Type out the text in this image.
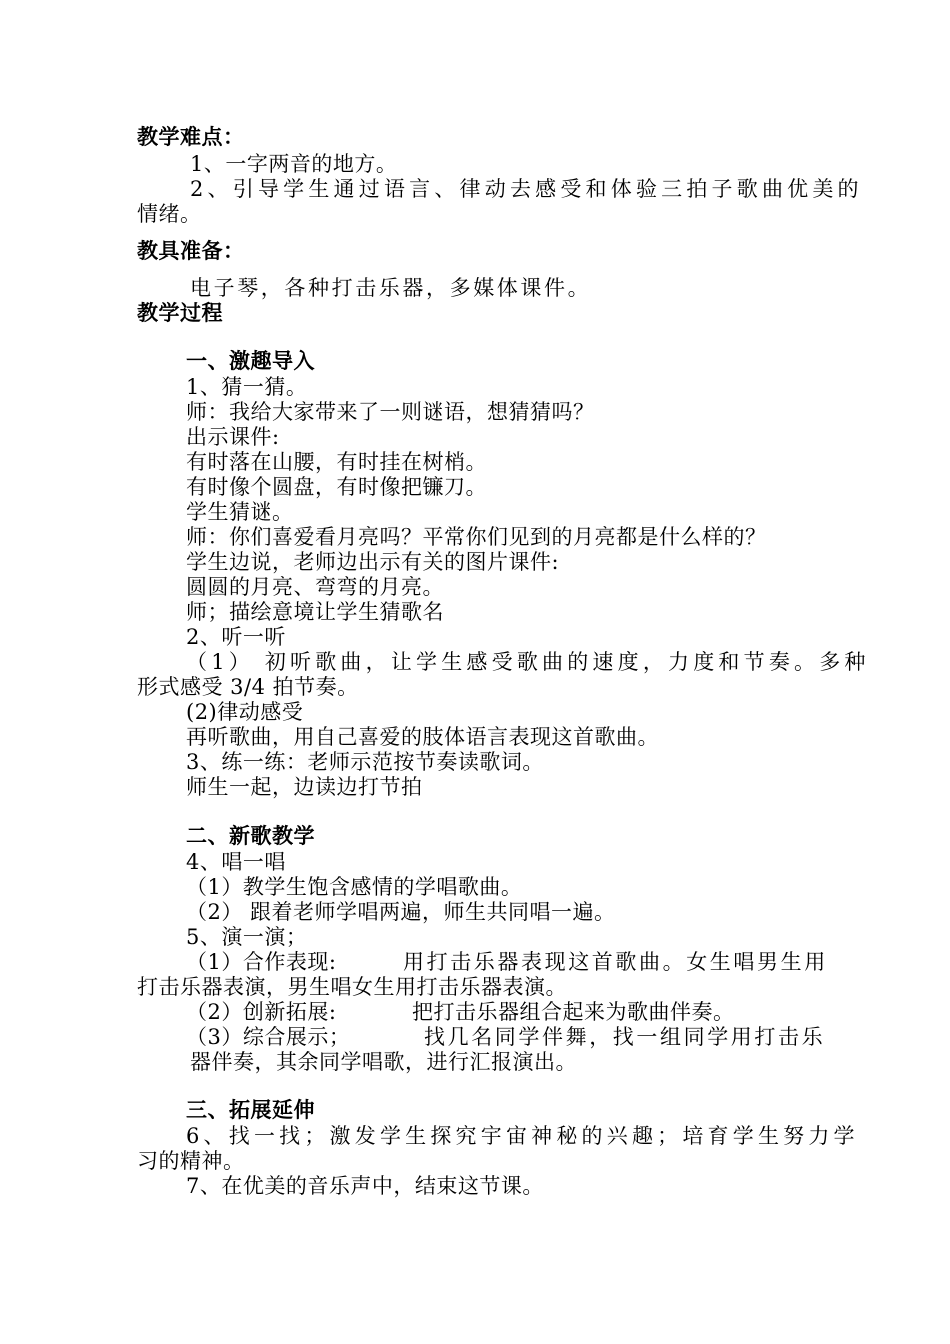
教学难点：
1、一字两音的地方。
2、引导学生通过语言、律动去感受和体验三拍子歌曲优美的
情绪。
教具准备：
电子琴，各种打击乐器，多媒体课件。
教学过程
一、激趣导入
1、猜一猜。
师：我给大家带来了一则谜语，想猜猜吗？
出示课件:
有时落在山腰，有时挂在树梢。
有时像个圆盘，有时像把镰刀。
学生猜谜。
师：你们喜爱看月亮吗？平常你们见到的月亮都是什么样的？
学生边说，老师边出示有关的图片课件:
圆圆的月亮、弯弯的月亮。
师；描绘意境让学生猜歌名
2、听一听
（1） 初听歌曲，让学生感受歌曲的速度，力度和节奏。多种
形式感受 3/4 拍节奏。
(2)律动感受
再听歌曲，用自己喜爱的肢体语言表现这首歌曲。
3、练一练：老师示范按节奏读歌词。
师生一起，边读边打节拍
二、新歌教学
4、唱一唱
（1）教学生饱含感情的学唱歌曲。
（2） 跟着老师学唱两遍，师生共同唱一遍。
5、演一演；
（1）合作表现:	用打击乐器表现这首歌曲。女生唱男生用
打击乐器表演，男生唱女生用打击乐器表演。
（2）创新拓展:	把打击乐器组合起来为歌曲伴奏。
（3）综合展示；	找几名同学伴舞，找一组同学用打击乐
器伴奏，其余同学唱歌，进行汇报演出。
三、拓展延伸
6、找一找；激发学生探究宇宙神秘的兴趣；培育学生努力学
习的精神。
7、在优美的音乐声中，结束这节课。
